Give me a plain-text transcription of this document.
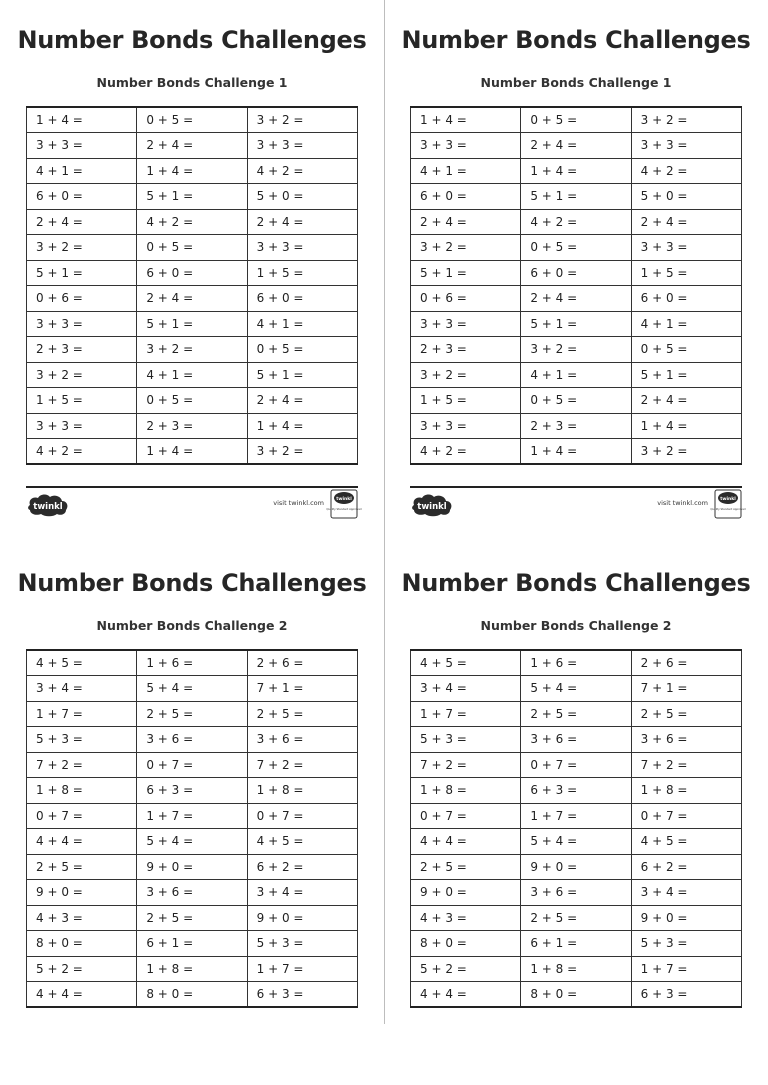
Number Bonds Challenges
Number Bonds Challenge 1
1 + 4 =	0 + 5 =	3 + 2 =
3 + 3 =	2 + 4 =	3 + 3 =
4 + 1 =	1 + 4 =	4 + 2 =
6 + 0 =	5 + 1 =	5 + 0 =
2 + 4 =	4 + 2 =	2 + 4 =
3 + 2 =	0 + 5 =	3 + 3 =
5 + 1 =	6 + 0 =	1 + 5 =
0 + 6 =	2 + 4 =	6 + 0 =
3 + 3 =	5 + 1 =	4 + 1 =
2 + 3 =	3 + 2 =	0 + 5 =
3 + 2 =	4 + 1 =	5 + 1 =
1 + 5 =	0 + 5 =	2 + 4 =
3 + 3 =	2 + 3 =	1 + 4 =
4 + 2 =	1 + 4 =	3 + 2 =
twinkl	visit twinkl.com	twinkl
Quality Standard Approved
Number Bonds Challenges
Number Bonds Challenge 1
1 + 4 =	0 + 5 =	3 + 2 =
3 + 3 =	2 + 4 =	3 + 3 =
4 + 1 =	1 + 4 =	4 + 2 =
6 + 0 =	5 + 1 =	5 + 0 =
2 + 4 =	4 + 2 =	2 + 4 =
3 + 2 =	0 + 5 =	3 + 3 =
5 + 1 =	6 + 0 =	1 + 5 =
0 + 6 =	2 + 4 =	6 + 0 =
3 + 3 =	5 + 1 =	4 + 1 =
2 + 3 =	3 + 2 =	0 + 5 =
3 + 2 =	4 + 1 =	5 + 1 =
1 + 5 =	0 + 5 =	2 + 4 =
3 + 3 =	2 + 3 =	1 + 4 =
4 + 2 =	1 + 4 =	3 + 2 =
twinkl	visit twinkl.com	twinkl
Quality Standard Approved
Number Bonds Challenges
Number Bonds Challenge 2
4 + 5 =	1 + 6 =	2 + 6 =
3 + 4 =	5 + 4 =	7 + 1 =
1 + 7 =	2 + 5 =	2 + 5 =
5 + 3 =	3 + 6 =	3 + 6 =
7 + 2 =	0 + 7 =	7 + 2 =
1 + 8 =	6 + 3 =	1 + 8 =
0 + 7 =	1 + 7 =	0 + 7 =
4 + 4 =	5 + 4 =	4 + 5 =
2 + 5 =	9 + 0 =	6 + 2 =
9 + 0 =	3 + 6 =	3 + 4 =
4 + 3 =	2 + 5 =	9 + 0 =
8 + 0 =	6 + 1 =	5 + 3 =
5 + 2 =	1 + 8 =	1 + 7 =
4 + 4 =	8 + 0 =	6 + 3 =
Number Bonds Challenges
Number Bonds Challenge 2
4 + 5 =	1 + 6 =	2 + 6 =
3 + 4 =	5 + 4 =	7 + 1 =
1 + 7 =	2 + 5 =	2 + 5 =
5 + 3 =	3 + 6 =	3 + 6 =
7 + 2 =	0 + 7 =	7 + 2 =
1 + 8 =	6 + 3 =	1 + 8 =
0 + 7 =	1 + 7 =	0 + 7 =
4 + 4 =	5 + 4 =	4 + 5 =
2 + 5 =	9 + 0 =	6 + 2 =
9 + 0 =	3 + 6 =	3 + 4 =
4 + 3 =	2 + 5 =	9 + 0 =
8 + 0 =	6 + 1 =	5 + 3 =
5 + 2 =	1 + 8 =	1 + 7 =
4 + 4 =	8 + 0 =	6 + 3 =
